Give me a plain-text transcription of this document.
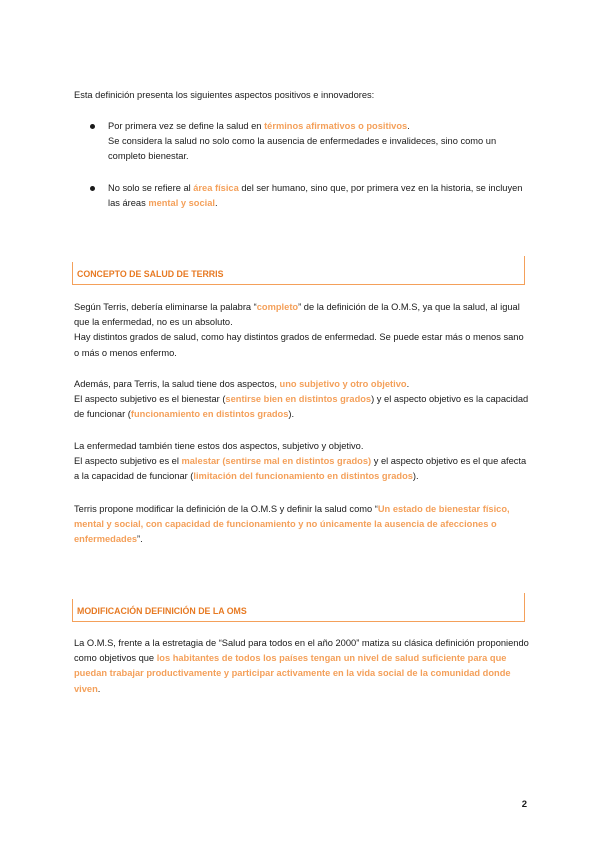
Esta definición presenta los siguientes aspectos positivos e innovadores:
Por primera vez se define la salud en términos afirmativos o positivos.
Se considera la salud no solo como la ausencia de enfermedades e invalideces, sino como un completo bienestar.
No solo se refiere al área física del ser humano, sino que, por primera vez en la historia, se incluyen las áreas mental y social.
CONCEPTO DE SALUD DE TERRIS

Según Terris, debería eliminarse la palabra “completo” de la definición de la O.M.S, ya que la salud, al igual que la enfermedad, no es un absoluto.
Hay distintos grados de salud, como hay distintos grados de enfermedad. Se puede estar más o menos sano o más o menos enfermo.

Además, para Terris, la salud tiene dos aspectos, uno subjetivo y otro objetivo.
El aspecto subjetivo es el bienestar (sentirse bien en distintos grados) y el aspecto objetivo es la capacidad de funcionar (funcionamiento en distintos grados).

La enfermedad también tiene estos dos aspectos, subjetivo y objetivo.
El aspecto subjetivo es el malestar (sentirse mal en distintos grados) y el aspecto objetivo es el que afecta a la capacidad de funcionar (limitación del funcionamiento en distintos grados).

Terris propone modificar la definición de la O.M.S y definir la salud como “Un estado de bienestar físico, mental y social, con capacidad de funcionamiento y no únicamente la ausencia de afecciones o enfermedades”.

MODIFICACIÓN DEFINICIÓN DE LA OMS

La O.M.S, frente a la estretagia de “Salud para todos en el año 2000” matiza su clásica definición proponiendo como objetivos que los habitantes de todos los países tengan un nivel de salud suficiente para que puedan trabajar productivamente y participar activamente en la vida social de la comunidad donde viven.

2
